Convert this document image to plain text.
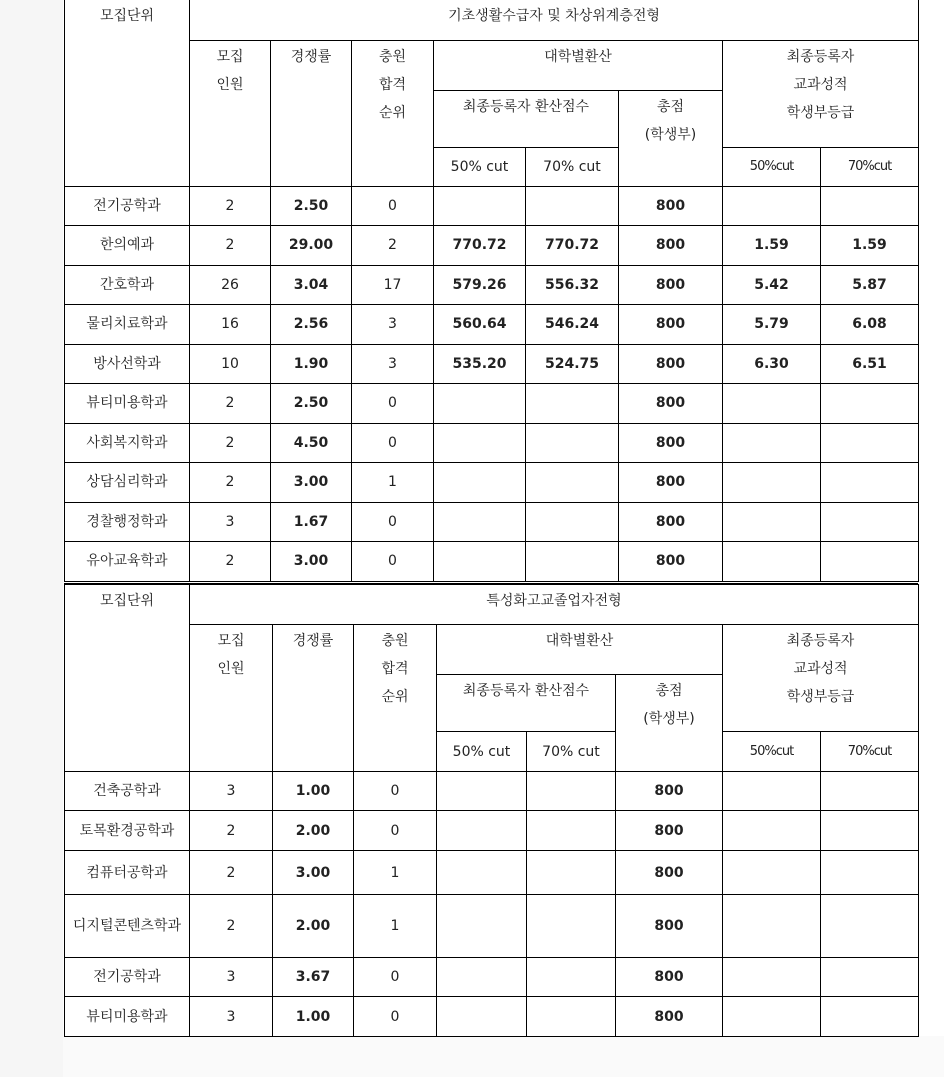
모집단위	기초생활수급자 및 차상위계층전형							
	모집
인원	경쟁률	충원
합격
순위	대학별환산			최종등록자
교과성적
학생부등급	
				최종등록자 환산점수		총점
(학생부)		
				50% cut	70% cut		50%cut	70%cut
전기공학과	2	2.50	0			800		
한의예과	2	29.00	2	770.72	770.72	800	1.59	1.59
간호학과	26	3.04	17	579.26	556.32	800	5.42	5.87
물리치료학과	16	2.56	3	560.64	546.24	800	5.79	6.08
방사선학과	10	1.90	3	535.20	524.75	800	6.30	6.51
뷰티미용학과	2	2.50	0			800		
사회복지학과	2	4.50	0			800		
상담심리학과	2	3.00	1			800		
경찰행정학과	3	1.67	0			800		
유아교육학과	2	3.00	0			800		
모집단위	특성화고교졸업자전형							
	모집
인원	경쟁률	충원
합격
순위	대학별환산			최종등록자
교과성적
학생부등급	
				최종등록자 환산점수		총점
(학생부)		
				50% cut	70% cut		50%cut	70%cut
건축공학과	3	1.00	0			800		
토목환경공학과	2	2.00	0			800		
컴퓨터공학과	2	3.00	1			800		
디지털콘텐츠학과	2	2.00	1			800		
전기공학과	3	3.67	0			800		
뷰티미용학과	3	1.00	0			800		
